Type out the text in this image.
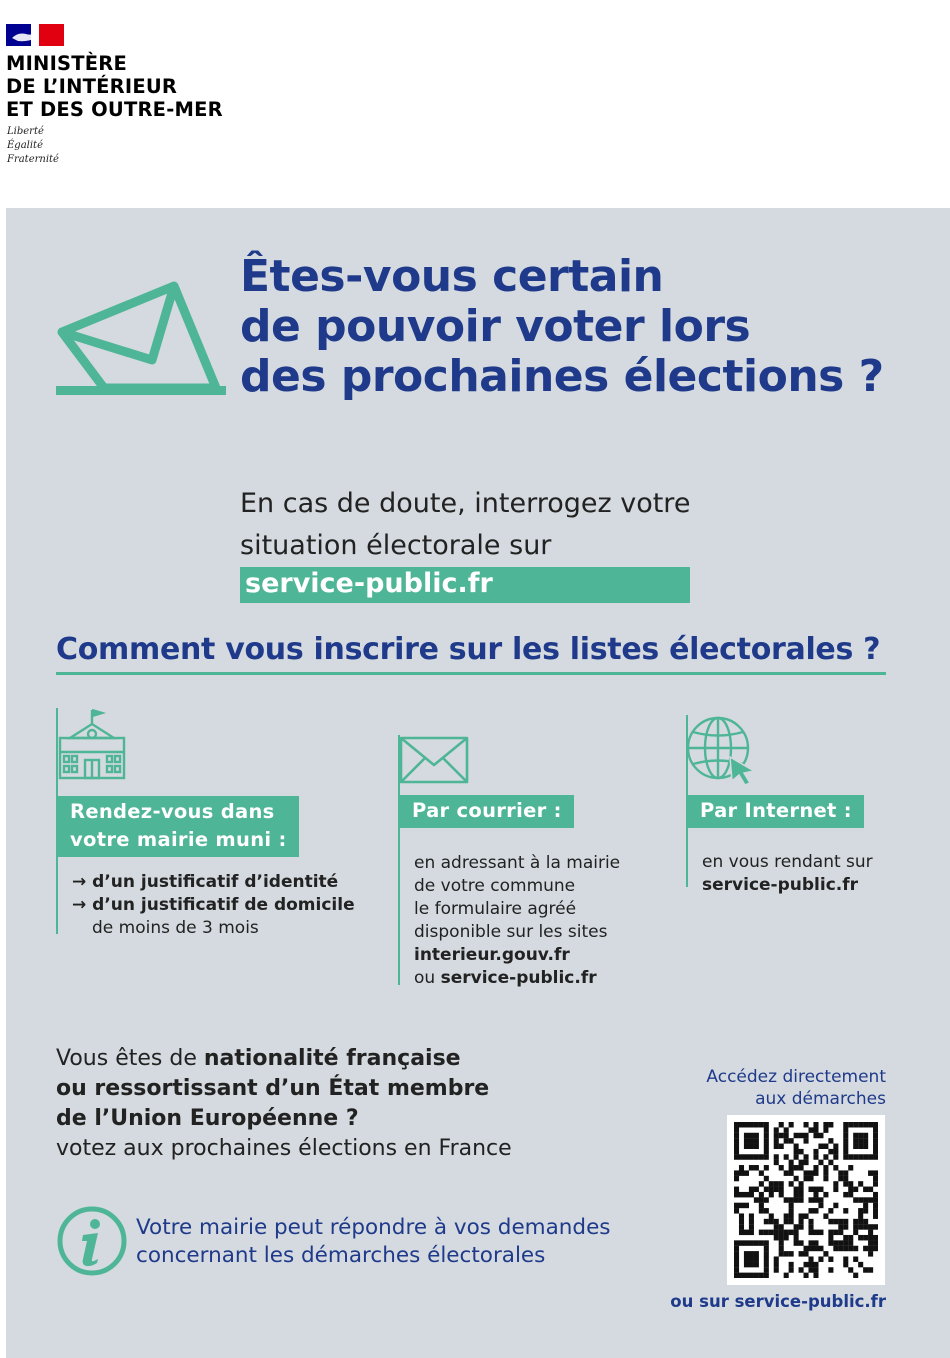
MINISTÈRE
DE L’INTÉRIEUR
ET DES OUTRE-MER
Liberté
Égalité
Fraternité
Êtes-vous certain
de pouvoir voter lors
des prochaines élections ?
En cas de doute, interrogez votre
situation électorale sur
service-public.fr
Comment vous inscrire sur les listes électorales ?
Rendez-vous dans
votre mairie muni :
→ d’un justificatif d’identité
→ d’un justificatif de domicile
de moins de 3 mois
Par courrier :
en adressant à la mairie
de votre commune
le formulaire agréé
disponible sur les sites
interieur.gouv.fr
ou service-public.fr
Par Internet :
en vous rendant sur
service-public.fr
Vous êtes de nationalité française
ou ressortissant d’un État membre
de l’Union Européenne ?
votez aux prochaines élections en France
Votre mairie peut répondre à vos demandes
concernant les démarches électorales
Accédez directement
aux démarches
ou sur service-public.fr
